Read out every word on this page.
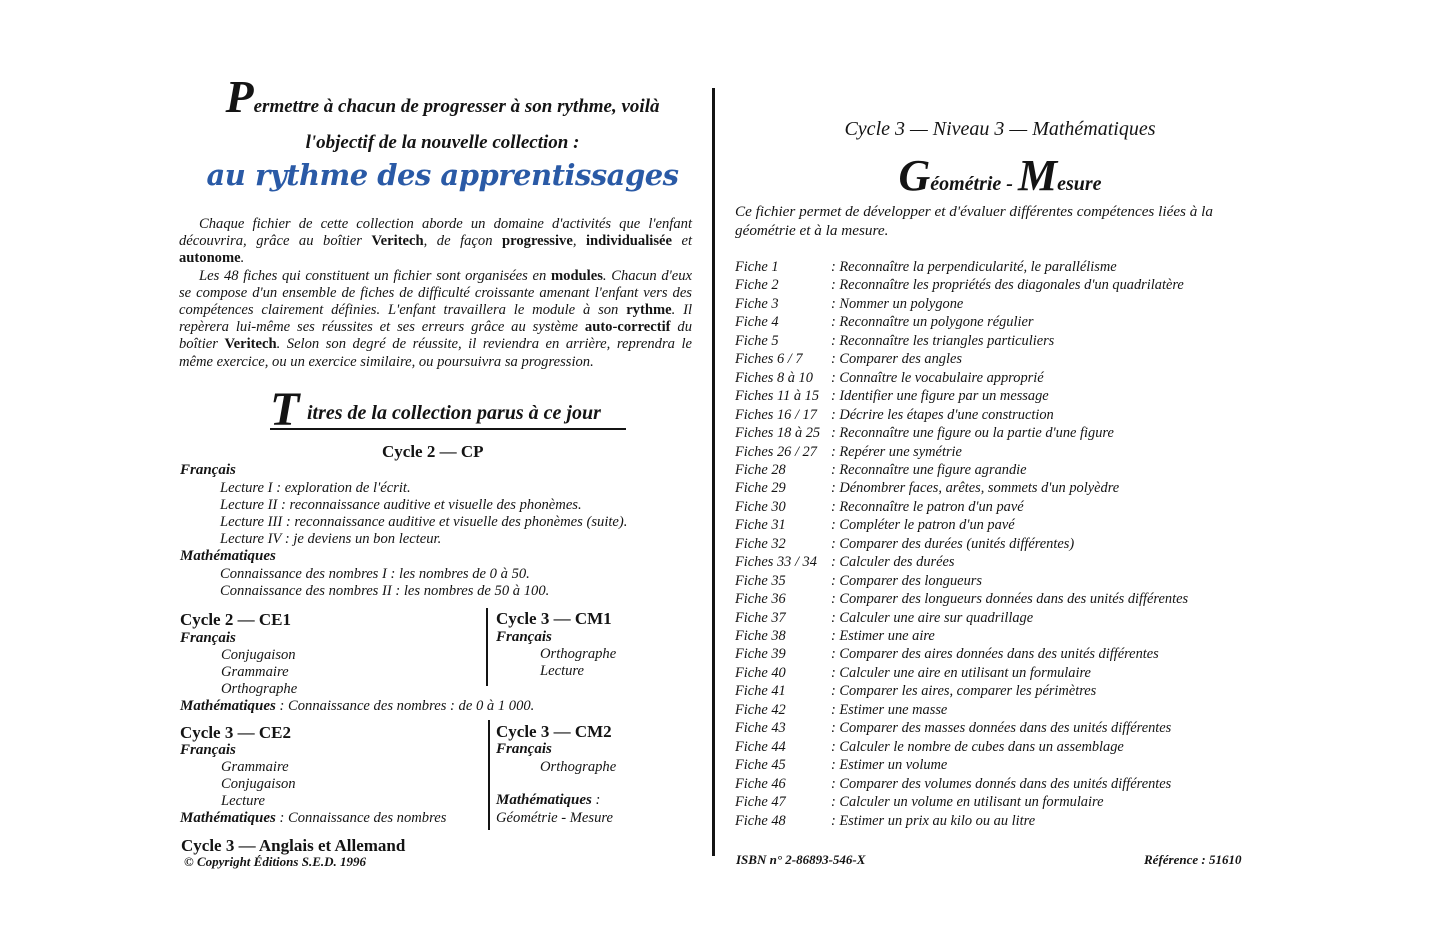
Permettre à chacun de progresser à son rythme, voilà
l'objectif de la nouvelle collection :
au rythme des apprentissages

Chaque fichier de cette collection aborde un domaine d'activités que l'enfant découvrira, grâce au boîtier Veritech, de façon progressive, individualisée et autonome.

Les 48 fiches qui constituent un fichier sont organisées en modules. Chacun d'eux se compose d'un ensemble de fiches de difficulté croissante amenant l'enfant vers des compétences clairement définies. L'enfant travaillera le module à son rythme. Il repèrera lui-même ses réussites et ses erreurs grâce au système auto-correctif du boîtier Veritech. Selon son degré de réussite, il reviendra en arrière, reprendra le même exercice, ou un exercice similaire, ou poursuivra sa progression.

T itres de la collection parus à ce jour
Cycle 2 — CP
Français
Lecture I : exploration de l'écrit.
Lecture II : reconnaissance auditive et visuelle des phonèmes.
Lecture III : reconnaissance auditive et visuelle des phonèmes (suite).
Lecture IV : je deviens un bon lecteur.
Mathématiques
Connaissance des nombres I : les nombres de 0 à 50.
Connaissance des nombres II : les nombres de 50 à 100.
Cycle 2 — CE1
Français
Conjugaison
Grammaire
Orthographe
Mathématiques : Connaissance des nombres : de 0 à 1 000.
Cycle 3 — CM1
Français
Orthographe
Lecture
Cycle 3 — CE2
Français
Grammaire
Conjugaison
Lecture
Mathématiques : Connaissance des nombres
Cycle 3 — CM2
Français
Orthographe
Mathématiques :
Géométrie - Mesure
Cycle 3 — Anglais et Allemand
© Copyright Éditions S.E.D. 1996
Cycle 3 — Niveau 3 — Mathématiques
Géométrie - Mesure
Ce fichier permet de développer et d'évaluer différentes compétences liées à la géométrie et à la mesure.
Fiche 1	: Reconnaître la perpendicularité, le parallélisme
Fiche 2	: Reconnaître les propriétés des diagonales d'un quadrilatère
Fiche 3	: Nommer un polygone
Fiche 4	: Reconnaître un polygone régulier
Fiche 5	: Reconnaître les triangles particuliers
Fiches 6 / 7 : Comparer des angles
Fiches 8 à 10 : Connaître le vocabulaire approprié
Fiches 11 à 15 : Identifier une figure par un message
Fiches 16 / 17 : Décrire les étapes d'une construction
Fiches 18 à 25 : Reconnaître une figure ou la partie d'une figure
Fiches 26 / 27 : Repérer une symétrie
Fiche 28	: Reconnaître une figure agrandie
Fiche 29	: Dénombrer faces, arêtes, sommets d'un polyèdre
Fiche 30	: Reconnaître le patron d'un pavé
Fiche 31	: Compléter le patron d'un pavé
Fiche 32	: Comparer des durées (unités différentes)
Fiches 33 / 34 : Calculer des durées
Fiche 35	: Comparer des longueurs
Fiche 36	: Comparer des longueurs données dans des unités différentes
Fiche 37	: Calculer une aire sur quadrillage
Fiche 38	: Estimer une aire
Fiche 39	: Comparer des aires données dans des unités différentes
Fiche 40	: Calculer une aire en utilisant un formulaire
Fiche 41	: Comparer les aires, comparer les périmètres
Fiche 42	: Estimer une masse
Fiche 43	: Comparer des masses données dans des unités différentes
Fiche 44	: Calculer le nombre de cubes dans un assemblage
Fiche 45	: Estimer un volume
Fiche 46	: Comparer des volumes donnés dans des unités différentes
Fiche 47	: Calculer un volume en utilisant un formulaire
Fiche 48	: Estimer un prix au kilo ou au litre
ISBN n° 2-86893-546-X	Référence : 51610
